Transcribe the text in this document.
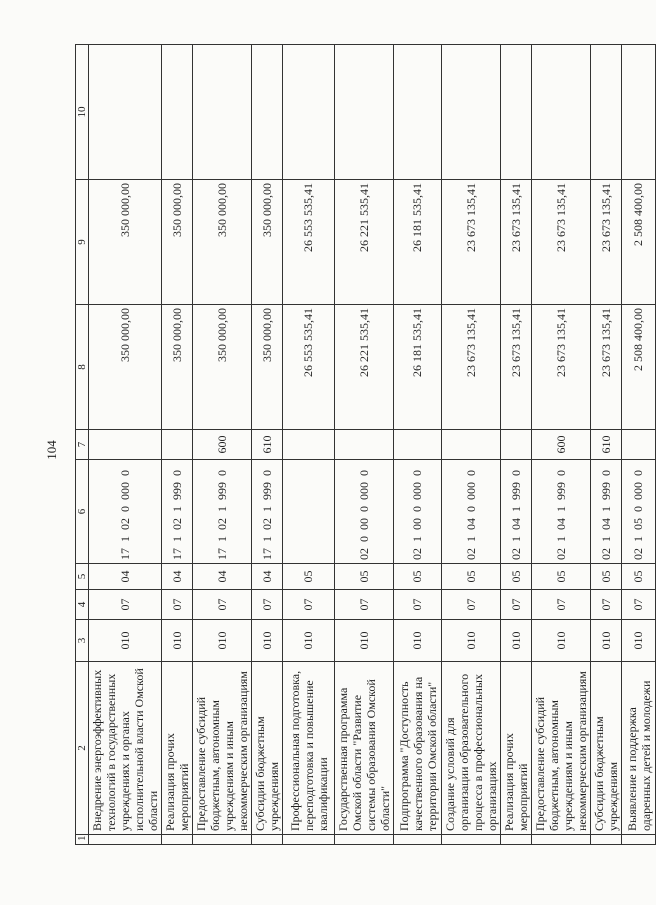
104
1	2	3	4	5	6	7	8	9	10
	Внедрение энергоэффективных технологий в государственных учреждениях и органах исполнительной власти Омской области	010	07	04	17  1  02  0  000  0		350 000,00	350 000,00	
	Реализация прочих мероприятий	010	07	04	17  1  02  1  999  0		350 000,00	350 000,00	
	Предоставление субсидий бюджетным, автономным учреждениям и иным некоммерческим организациям	010	07	04	17  1  02  1  999  0	600	350 000,00	350 000,00	
	Субсидии бюджетным учреждениям	010	07	04	17  1  02  1  999  0	610	350 000,00	350 000,00	
	Профессиональная подготовка, переподготовка и повышение квалификации	010	07	05			26 553 535,41	26 553 535,41	
	Государственная программа Омской области "Развитие системы образования Омской области"	010	07	05	02  0  00  0  000  0		26 221 535,41	26 221 535,41	
	Подпрограмма "Доступность качественного образования на территории Омской области"	010	07	05	02  1  00  0  000  0		26 181 535,41	26 181 535,41	
	Создание условий для организации образовательного процесса в профессиональных организациях	010	07	05	02  1  04  0  000  0		23 673 135,41	23 673 135,41	
	Реализация прочих мероприятий	010	07	05	02  1  04  1  999  0		23 673 135,41	23 673 135,41	
	Предоставление субсидий бюджетным, автономным учреждениям и иным некоммерческим организациям	010	07	05	02  1  04  1  999  0	600	23 673 135,41	23 673 135,41	
	Субсидии бюджетным учреждениям	010	07	05	02  1  04  1  999  0	610	23 673 135,41	23 673 135,41	
	Выявление и поддержка одаренных детей и молодежи	010	07	05	02  1  05  0  000  0		2 508 400,00	2 508 400,00	
